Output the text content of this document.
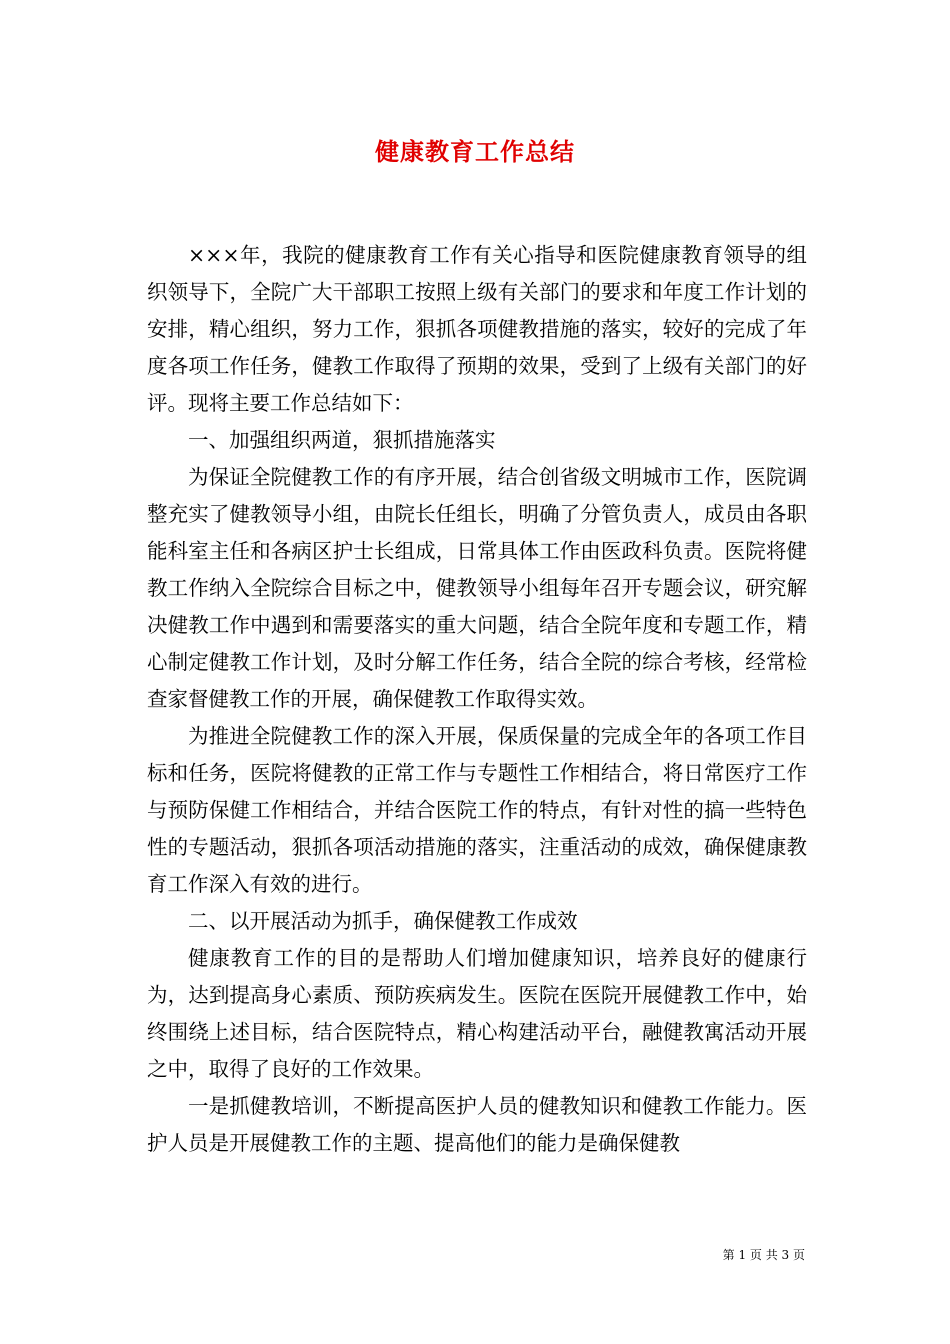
健康教育工作总结

×××年，我院的健康教育工作有关心指导和医院健康教育领导的组织领导下，全院广大干部职工按照上级有关部门的要求和年度工作计划的安排，精心组织，努力工作，狠抓各项健教措施的落实，较好的完成了年度各项工作任务，健教工作取得了预期的效果，受到了上级有关部门的好评。现将主要工作总结如下：

一、加强组织两道，狠抓措施落实

为保证全院健教工作的有序开展，结合创省级文明城市工作，医院调整充实了健教领导小组，由院长任组长，明确了分管负责人，成员由各职能科室主任和各病区护士长组成，日常具体工作由医政科负责。医院将健教工作纳入全院综合目标之中，健教领导小组每年召开专题会议，研究解决健教工作中遇到和需要落实的重大问题，结合全院年度和专题工作，精心制定健教工作计划，及时分解工作任务，结合全院的综合考核，经常检查家督健教工作的开展，确保健教工作取得实效。

为推进全院健教工作的深入开展，保质保量的完成全年的各项工作目标和任务，医院将健教的正常工作与专题性工作相结合，将日常医疗工作与预防保健工作相结合，并结合医院工作的特点，有针对性的搞一些特色性的专题活动，狠抓各项活动措施的落实，注重活动的成效，确保健康教育工作深入有效的进行。

二、以开展活动为抓手，确保健教工作成效

健康教育工作的目的是帮助人们增加健康知识，培养良好的健康行为，达到提高身心素质、预防疾病发生。医院在医院开展健教工作中，始终围绕上述目标，结合医院特点，精心构建活动平台，融健教寓活动开展之中，取得了良好的工作效果。

一是抓健教培训，不断提高医护人员的健教知识和健教工作能力。医护人员是开展健教工作的主题、提高他们的能力是确保健教

第 1 页 共 3 页
